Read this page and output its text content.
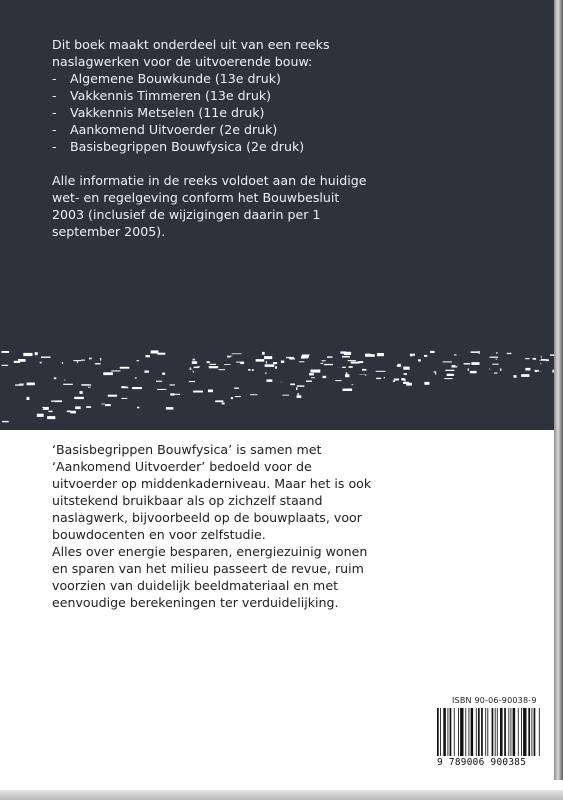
Dit boek maakt onderdeel uit van een reeks naslagwerken voor de uitvoerende bouw:

- Algemene Bouwkunde (13e druk)
- Vakkennis Timmeren (13e druk)
- Vakkennis Metselen (11e druk)
- Aankomend Uitvoerder (2e druk)
- Basisbegrippen Bouwfysica (2e druk)

Alle informatie in de reeks voldoet aan de huidige wet- en regelgeving conform het Bouwbesluit 2003 (inclusief de wijzigingen daarin per 1 september 2005).

‘Basisbegrippen Bouwfysica’ is samen met ‘Aankomend Uitvoerder’ bedoeld voor de uitvoerder op middenkaderniveau. Maar het is ook uitstekend bruikbaar als op zichzelf staand naslagwerk, bijvoorbeeld op de bouwplaats, voor bouwdocenten en voor zelfstudie.

Alles over energie besparen, energiezuinig wonen en sparen van het milieu passeert de revue, ruim voorzien van duidelijk beeldmateriaal en met eenvoudige berekeningen ter verduidelijking.

ISBN 90-06-90038-9
9 789006 900385
